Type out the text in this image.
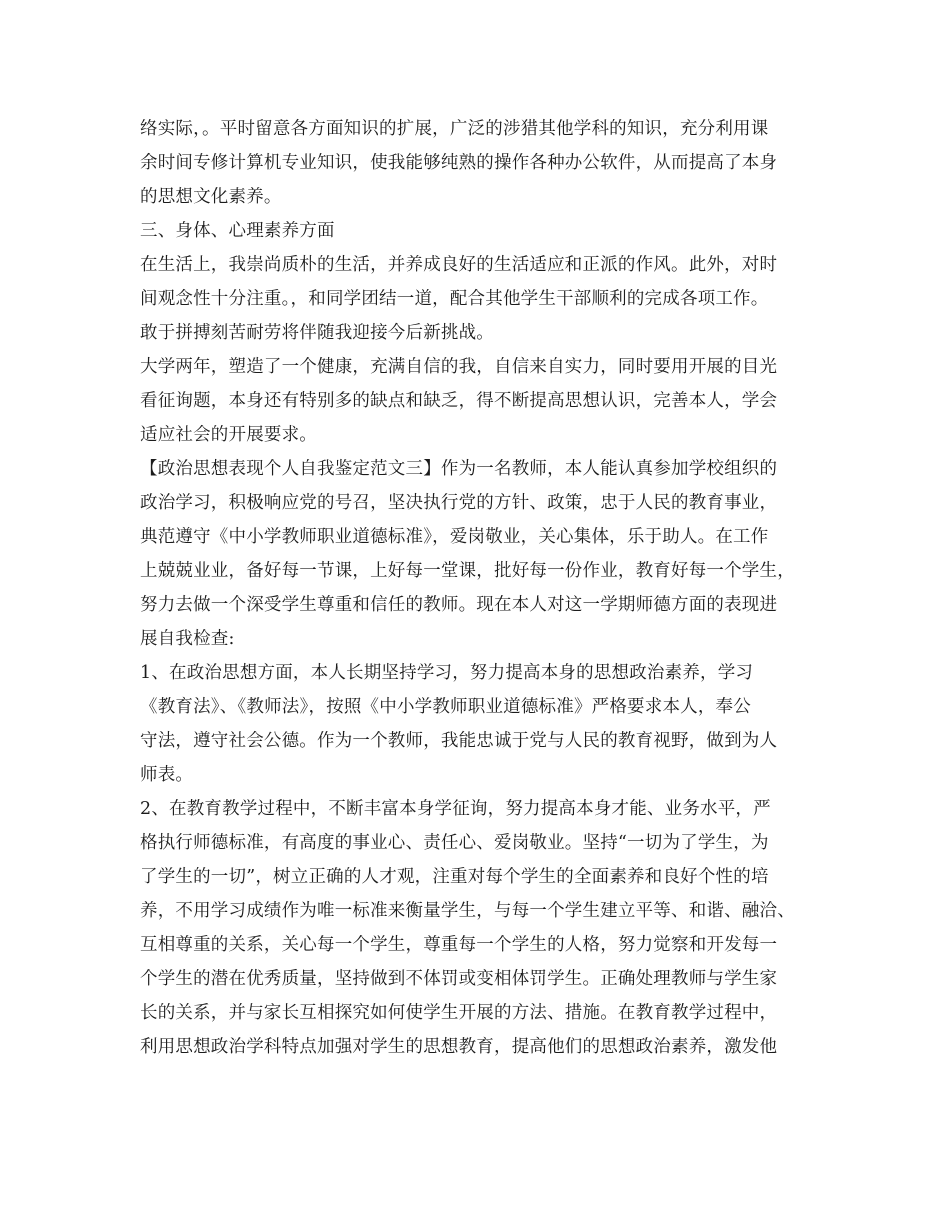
络实际，。平时留意各方面知识的扩展，广泛的涉猎其他学科的知识，充分利用课
余时间专修计算机专业知识，使我能够纯熟的操作各种办公软件，从而提高了本身
的思想文化素养。
三、身体、心理素养方面
在生活上，我崇尚质朴的生活，并养成良好的生活适应和正派的作风。此外，对时
间观念性十分注重。，和同学团结一道，配合其他学生干部顺利的完成各项工作。
敢于拼搏刻苦耐劳将伴随我迎接今后新挑战。
大学两年，塑造了一个健康，充满自信的我，自信来自实力，同时要用开展的目光
看征询题，本身还有特别多的缺点和缺乏，得不断提高思想认识，完善本人，学会
适应社会的开展要求。
【政治思想表现个人自我鉴定范文三】作为一名教师，本人能认真参加学校组织的
政治学习，积极响应党的号召，坚决执行党的方针、政策，忠于人民的教育事业，
典范遵守《中小学教师职业道德标准》，爱岗敬业，关心集体，乐于助人。在工作
上兢兢业业，备好每一节课，上好每一堂课，批好每一份作业，教育好每一个学生，
努力去做一个深受学生尊重和信任的教师。现在本人对这一学期师德方面的表现进
展自我检查:
1、在政治思想方面，本人长期坚持学习，努力提高本身的思想政治素养，学习
《教育法》、《教师法》，按照《中小学教师职业道德标准》严格要求本人，奉公
守法，遵守社会公德。作为一个教师，我能忠诚于党与人民的教育视野，做到为人
师表。
2、在教育教学过程中，不断丰富本身学征询，努力提高本身才能、业务水平，严
格执行师德标准，有高度的事业心、责任心、爱岗敬业。坚持“一切为了学生，为
了学生的一切”，树立正确的人才观，注重对每个学生的全面素养和良好个性的培
养，不用学习成绩作为唯一标准来衡量学生，与每一个学生建立平等、和谐、融洽、
互相尊重的关系，关心每一个学生，尊重每一个学生的人格，努力觉察和开发每一
个学生的潜在优秀质量，坚持做到不体罚或变相体罚学生。正确处理教师与学生家
长的关系，并与家长互相探究如何使学生开展的方法、措施。在教育教学过程中，
利用思想政治学科特点加强对学生的思想教育，提高他们的思想政治素养，激发他
